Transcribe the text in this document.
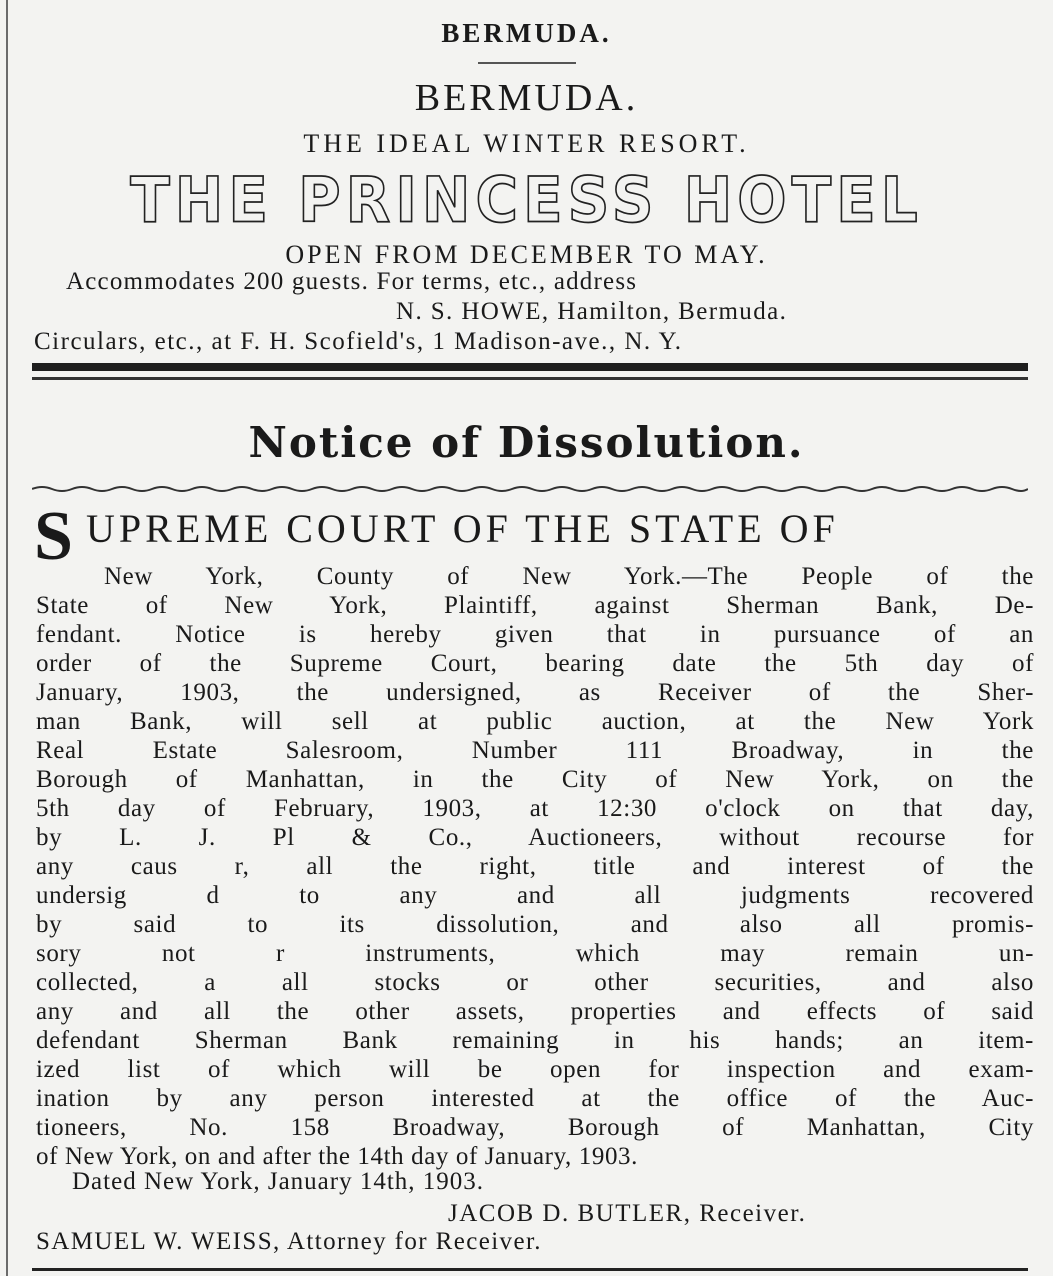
BERMUDA.
BERMUDA.
THE IDEAL WINTER RESORT.
THE PRINCESS HOTEL
OPEN FROM DECEMBER TO MAY.
Accommodates 200 guests. For terms, etc., address
N. S. HOWE, Hamilton, Bermuda.
Circulars, etc., at F. H. Scofield's, 1 Madison-ave., N. Y.
Notice of Dissolution.
S UPREME COURT OF THE STATE OF
New York, County of New York.—The People of the
State of New York, Plaintiff, against Sherman Bank, De-
fendant. Notice is hereby given that in pursuance of an
order of the Supreme Court, bearing date the 5th day of
January, 1903, the undersigned, as Receiver of the Sher-
man Bank, will sell at public auction, at the New York
Real Estate Salesroom, Number 111 Broadway, in the
Borough of Manhattan, in the City of New York, on the
5th day of February, 1903, at 12:30 o'clock on that day,
by L. J. Pl & Co., Auctioneers, without recourse for
any caus r, all the right, title and interest of the
undersig d to any and all judgments recovered
by said to its dissolution, and also all promis-
sory not r instruments, which may remain un-
collected, a all stocks or other securities, and also
any and all the other assets, properties and effects of said
defendant Sherman Bank remaining in his hands; an item-
ized list of which will be open for inspection and exam-
ination by any person interested at the office of the Auc-
tioneers, No. 158 Broadway, Borough of Manhattan, City
of New York, on and after the 14th day of January, 1903.
Dated New York, January 14th, 1903.
JACOB D. BUTLER, Receiver.
SAMUEL W. WEISS, Attorney for Receiver.
